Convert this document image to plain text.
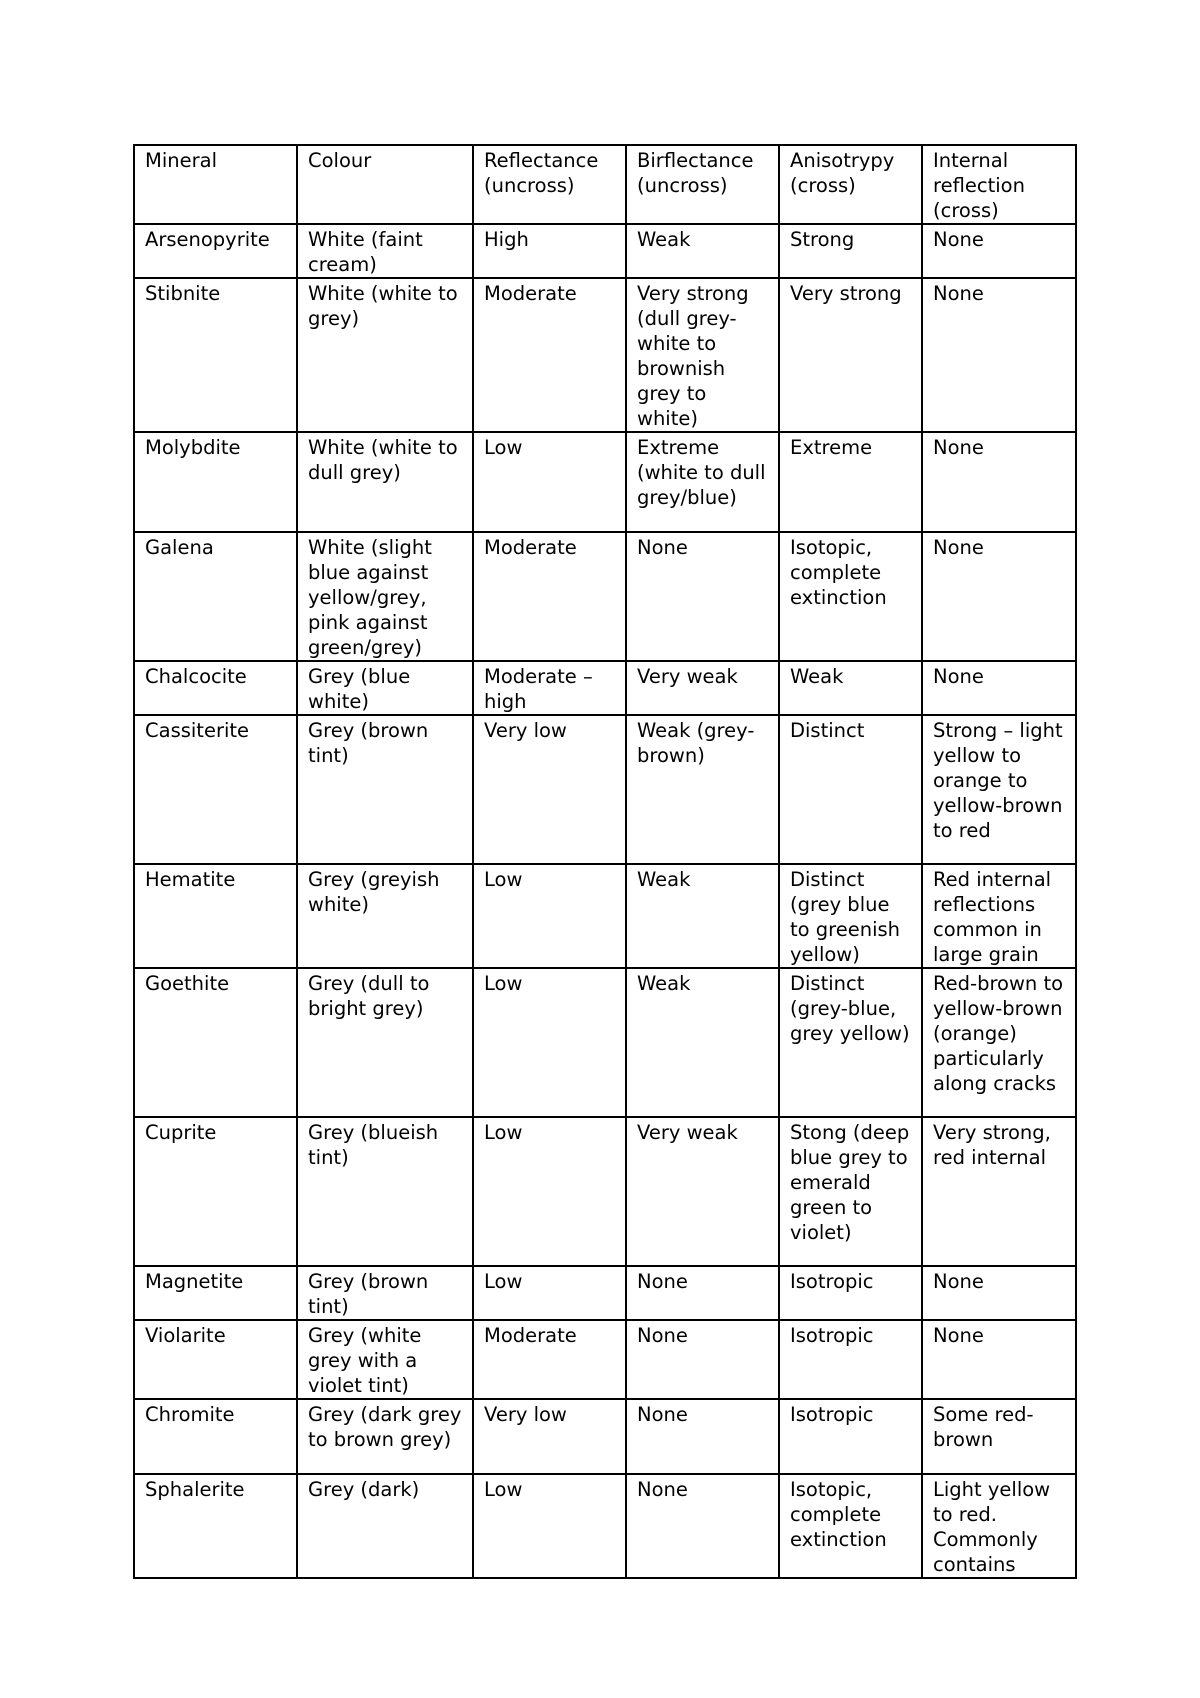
Mineral	Colour	Reflectance (uncross)	Birflectance (uncross)	Anisotrypy (cross)	Internal reflection (cross)
Arsenopyrite	White (faint cream)	High	Weak	Strong	None
Stibnite	White (white to grey)	Moderate	Very strong (dull grey-white to brownish grey to white)	Very strong	None
Molybdite	White (white to dull grey)	Low	Extreme (white to dull grey/blue)	Extreme	None
Galena	White (slight blue against yellow/grey, pink against green/grey)	Moderate	None	Isotopic, complete extinction	None
Chalcocite	Grey (blue white)	Moderate – high	Very weak	Weak	None
Cassiterite	Grey (brown tint)	Very low	Weak (grey-brown)	Distinct	Strong – light yellow to orange to yellow-brown to red
Hematite	Grey (greyish white)	Low	Weak	Distinct (grey blue to greenish yellow)	Red internal reflections common in large grain
Goethite	Grey (dull to bright grey)	Low	Weak	Distinct (grey-blue, grey yellow)	Red-brown to yellow-brown (orange) particularly along cracks
Cuprite	Grey (blueish tint)	Low	Very weak	Stong (deep blue grey to emerald green to violet)	Very strong, red internal
Magnetite	Grey (brown tint)	Low	None	Isotropic	None
Violarite	Grey (white grey with a violet tint)	Moderate	None	Isotropic	None
Chromite	Grey (dark grey to brown grey)	Very low	None	Isotropic	Some red-brown
Sphalerite	Grey (dark)	Low	None	Isotopic, complete extinction	Light yellow to red. Commonly contains
